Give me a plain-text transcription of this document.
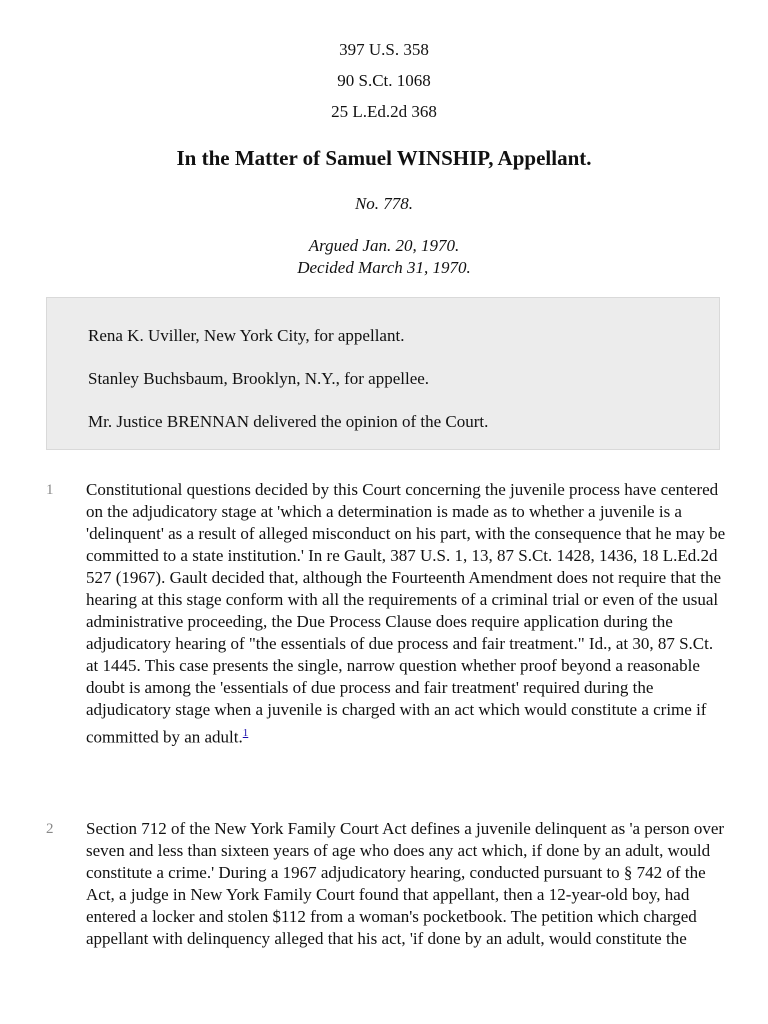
397 U.S. 358
90 S.Ct. 1068
25 L.Ed.2d 368
In the Matter of Samuel WINSHIP, Appellant.
No. 778.
Argued Jan. 20, 1970.
Decided March 31, 1970.

Rena K. Uviller, New York City, for appellant.

Stanley Buchsbaum, Brooklyn, N.Y., for appellee.

Mr. Justice BRENNAN delivered the opinion of the Court.

1 Constitutional questions decided by this Court concerning the juvenile process have centered on the adjudicatory stage at 'which a determination is made as to whether a juvenile is a 'delinquent' as a result of alleged misconduct on his part, with the consequence that he may be committed to a state institution.' In re Gault, 387 U.S. 1, 13, 87 S.Ct. 1428, 1436, 18 L.Ed.2d 527 (1967). Gault decided that, although the Fourteenth Amendment does not require that the hearing at this stage conform with all the requirements of a criminal trial or even of the usual administrative proceeding, the Due Process Clause does require application during the adjudicatory hearing of "the essentials of due process and fair treatment." Id., at 30, 87 S.Ct. at 1445. This case presents the single, narrow question whether proof beyond a reasonable doubt is among the 'essentials of due process and fair treatment' required during the adjudicatory stage when a juvenile is charged with an act which would constitute a crime if committed by an adult.$^1$

2 Section 712 of the New York Family Court Act defines a juvenile delinquent as 'a person over seven and less than sixteen years of age who does any act which, if done by an adult, would constitute a crime.' During a 1967 adjudicatory hearing, conducted pursuant to § 742 of the Act, a judge in New York Family Court found that appellant, then a 12-year-old boy, had entered a locker and stolen $112 from a woman's pocketbook. The petition which charged appellant with delinquency alleged that his act, 'if done by an adult, would constitute the
